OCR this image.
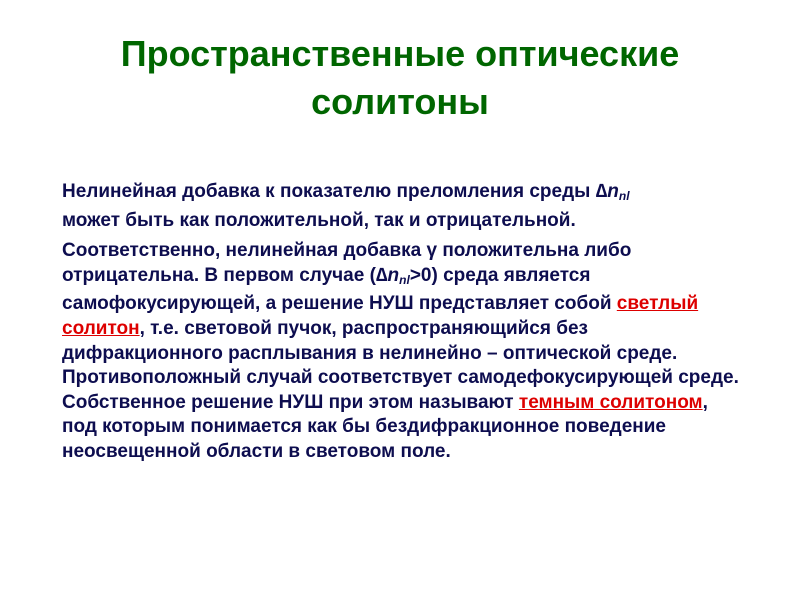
Пространственные оптические
солитоны

Нелинейная добавка к показателю преломления среды $\Delta n_{nl}$
может быть как положительной, так и отрицательной.

Соответственно, нелинейная добавка γ положительна либо отрицательна. В первом случае $(\Delta n_{nl}>0)$ среда является самофокусирующей, а решение НУШ представляет собой светлый солитон, т.е. световой пучок, распространяющийся без дифракционного расплывания в нелинейно – оптической среде. Противоположный случай соответствует самодефокусирующей среде. Собственное решение НУШ при этом называют темным солитоном, под которым понимается как бы бездифракционное поведение неосвещенной области в световом поле.
